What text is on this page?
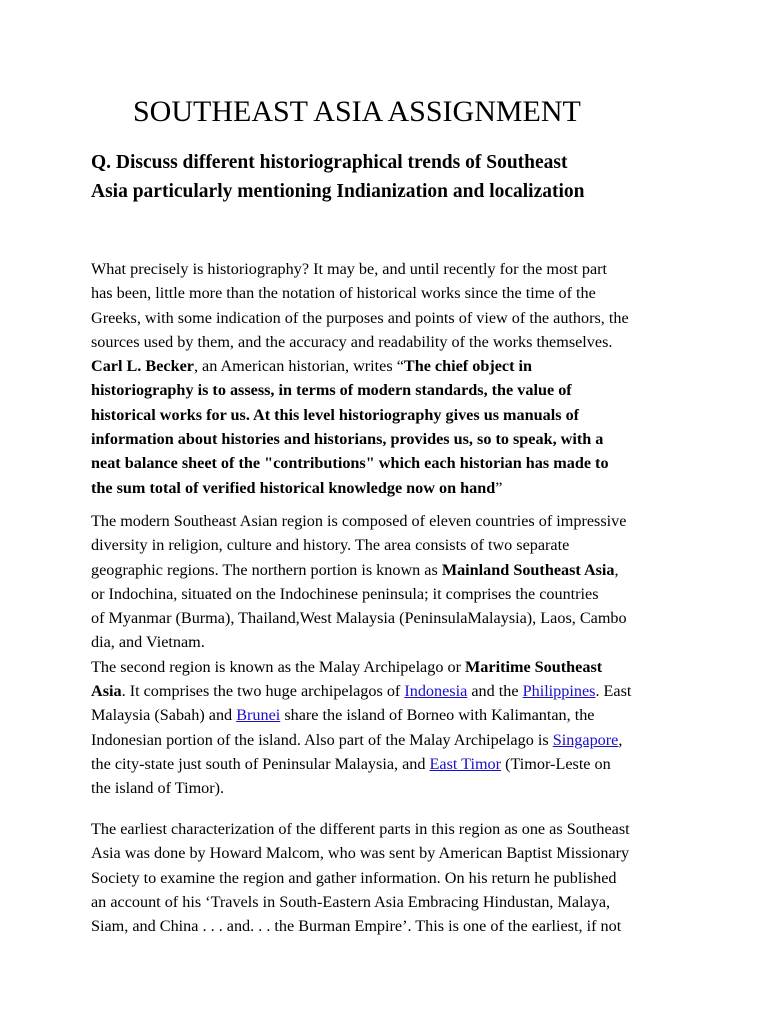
SOUTHEAST ASIA ASSIGNMENT
Q. Discuss different historiographical trends of Southeast
Asia particularly mentioning Indianization and localization
What precisely is historiography? It may be, and until recently for the most part
has been, little more than the notation of historical works since the time of the
Greeks, with some indication of the purposes and points of view of the authors, the
sources used by them, and the accuracy and readability of the works themselves.
Carl L. Becker, an American historian, writes “The chief object in
historiography is to assess, in terms of modern standards, the value of
historical works for us. At this level historiography gives us manuals of
information about histories and historians, provides us, so to speak, with a
neat balance sheet of the "contributions" which each historian has made to
the sum total of verified historical knowledge now on hand”
The modern Southeast Asian region is composed of eleven countries of impressive
diversity in religion, culture and history. The area consists of two separate
geographic regions. The northern portion is known as Mainland Southeast Asia,
or Indochina, situated on the Indochinese peninsula; it comprises the countries
of Myanmar (Burma), Thailand,West Malaysia (PeninsulaMalaysia), Laos, Cambo
dia, and Vietnam.
The second region is known as the Malay Archipelago or Maritime Southeast
Asia. It comprises the two huge archipelagos of Indonesia and the Philippines. East
Malaysia (Sabah) and Brunei share the island of Borneo with Kalimantan, the
Indonesian portion of the island. Also part of the Malay Archipelago is Singapore,
the city-state just south of Peninsular Malaysia, and East Timor (Timor-Leste on
the island of Timor).
The earliest characterization of the different parts in this region as one as Southeast
Asia was done by Howard Malcom, who was sent by American Baptist Missionary
Society to examine the region and gather information. On his return he published
an account of his ‘Travels in South-Eastern Asia Embracing Hindustan, Malaya,
Siam, and China . . . and. . . the Burman Empire’. This is one of the earliest, if not
